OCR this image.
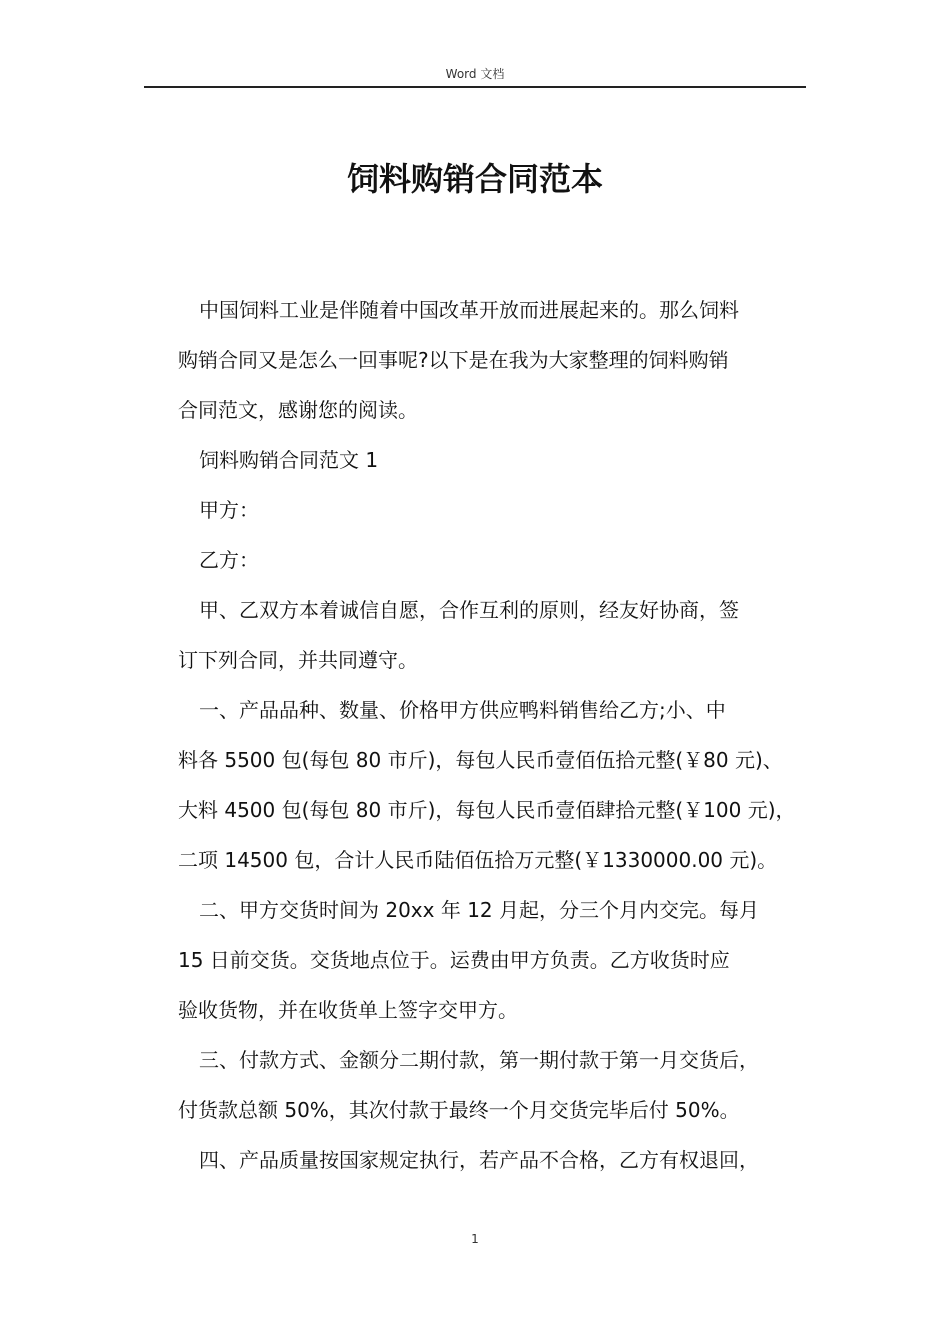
Word 文档
饲料购销合同范本

中国饲料工业是伴随着中国改革开放而进展起来的。那么饲料
购销合同又是怎么一回事呢?以下是在我为大家整理的饲料购销
合同范文，感谢您的阅读。

饲料购销合同范文 1

甲方：

乙方：

甲、乙双方本着诚信自愿，合作互利的原则，经友好协商，签
订下列合同，并共同遵守。

一、产品品种、数量、价格甲方供应鸭料销售给乙方;小、中
料各 5500 包(每包 80 市斤)，每包人民币壹佰伍拾元整(￥80 元)、
大料 4500 包(每包 80 市斤)，每包人民币壹佰肆拾元整(￥100 元)，
二项 14500 包，合计人民币陆佰伍拾万元整(￥1330000.00 元)。

二、甲方交货时间为 20xx 年 12 月起，分三个月内交完。每月
15 日前交货。交货地点位于。运费由甲方负责。乙方收货时应
验收货物，并在收货单上签字交甲方。

三、付款方式、金额分二期付款，第一期付款于第一月交货后，
付货款总额 50%，其次付款于最终一个月交货完毕后付 50%。

四、产品质量按国家规定执行，若产品不合格，乙方有权退回，

1
